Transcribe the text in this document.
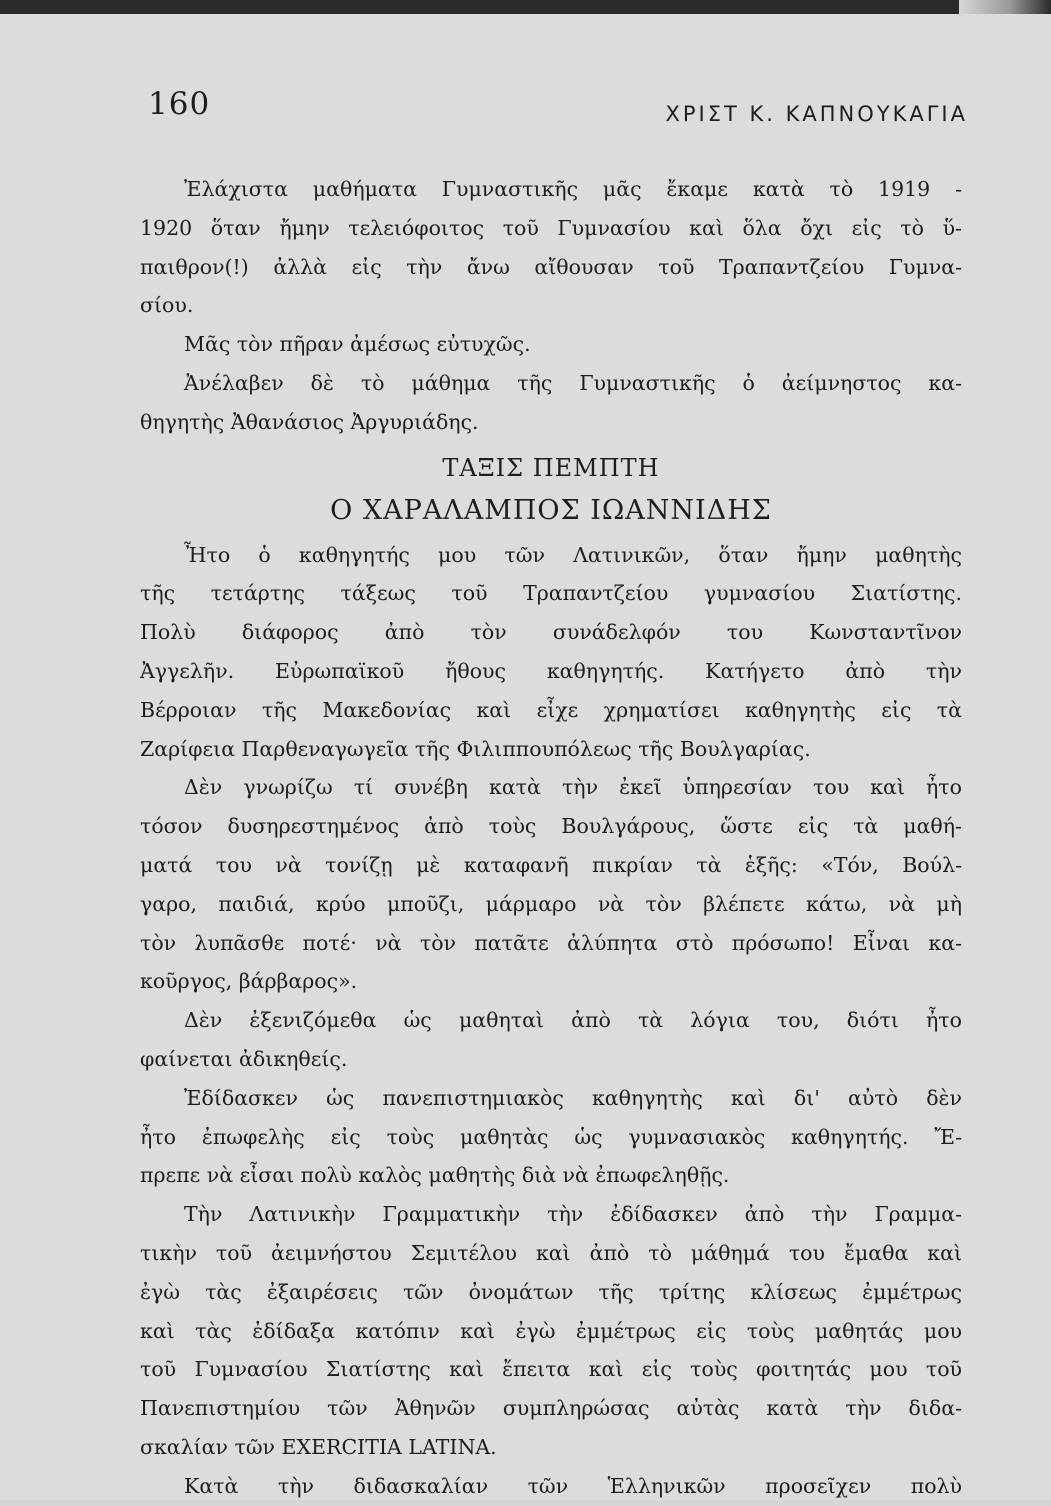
160	ΧΡΙΣΤ Κ. ΚΑΠΝΟΥΚΑΓΙΑ
Ἐλάχιστα μαθήματα Γυμναστικῆς μᾶς ἔκαμε κατὰ τὸ 1919 -
1920 ὅταν ἤμην τελειόφοιτος τοῦ Γυμνασίου καὶ ὅλα ὄχι εἰς τὸ ὕ-
παιθρον(!) ἀλλὰ εἰς τὴν ἄνω αἴθουσαν τοῦ Τραπαντζείου Γυμνα-
σίου.
Μᾶς τὸν πῆραν ἀμέσως εὐτυχῶς.
Ἀνέλαβεν δὲ τὸ μάθημα τῆς Γυμναστικῆς ὁ ἀείμνηστος κα-
θηγητὴς Ἀθανάσιος Ἀργυριάδης.
ΤΑΞΙΣ ΠΕΜΠΤΗ
Ο ΧΑΡΑΛΑΜΠΟΣ ΙΩΑΝΝΙΔΗΣ
Ἦτο ὁ καθηγητής μου τῶν Λατινικῶν, ὅταν ἤμην μαθητὴς
τῆς τετάρτης τάξεως τοῦ Τραπαντζείου γυμνασίου Σιατίστης.
Πολὺ διάφορος ἀπὸ τὸν συνάδελφόν του Κωνσταντῖνον
Ἀγγελῆν. Εὐρωπαϊκοῦ ἤθους καθηγητής. Κατήγετο ἀπὸ τὴν
Βέρροιαν τῆς Μακεδονίας καὶ εἶχε χρηματίσει καθηγητὴς εἰς τὰ
Ζαρίφεια Παρθεναγωγεῖα τῆς Φιλιππουπόλεως τῆς Βουλγαρίας.
Δὲν γνωρίζω τί συνέβη κατὰ τὴν ἐκεῖ ὑπηρεσίαν του καὶ ἦτο
τόσον δυσηρεστημένος ἀπὸ τοὺς Βουλγάρους, ὥστε εἰς τὰ μαθή-
ματά του νὰ τονίζῃ μὲ καταφανῆ πικρίαν τὰ ἑξῆς: «Τόν, Βούλ-
γαρο, παιδιά, κρύο μποῦζι, μάρμαρο νὰ τὸν βλέπετε κάτω, νὰ μὴ
τὸν λυπᾶσθε ποτέ· νὰ τὸν πατᾶτε ἀλύπητα στὸ πρόσωπο! Εἶναι κα-
κοῦργος, βάρβαρος».
Δὲν ἐξενιζόμεθα ὡς μαθηταὶ ἀπὸ τὰ λόγια του, διότι ἦτο
φαίνεται ἀδικηθείς.
Ἐδίδασκεν ὡς πανεπιστημιακὸς καθηγητὴς καὶ δι' αὐτὸ δὲν
ἦτο ἐπωφελὴς εἰς τοὺς μαθητὰς ὡς γυμνασιακὸς καθηγητής. Ἔ-
πρεπε νὰ εἶσαι πολὺ καλὸς μαθητὴς διὰ νὰ ἐπωφεληθῇς.
Τὴν Λατινικὴν Γραμματικὴν τὴν ἐδίδασκεν ἀπὸ τὴν Γραμμα-
τικὴν τοῦ ἀειμνήστου Σεμιτέλου καὶ ἀπὸ τὸ μάθημά του ἔμαθα καὶ
ἐγὼ τὰς ἐξαιρέσεις τῶν ὀνομάτων τῆς τρίτης κλίσεως ἐμμέτρως
καὶ τὰς ἐδίδαξα κατόπιν καὶ ἐγὼ ἐμμέτρως εἰς τοὺς μαθητάς μου
τοῦ Γυμνασίου Σιατίστης καὶ ἔπειτα καὶ εἰς τοὺς φοιτητάς μου τοῦ
Πανεπιστημίου τῶν Ἀθηνῶν συμπληρώσας αὐτὰς κατὰ τὴν διδα-
σκαλίαν τῶν EXERCITIA LATINA.
Κατὰ τὴν διδασκαλίαν τῶν Ἑλληνικῶν προσεῖχεν πολὺ
